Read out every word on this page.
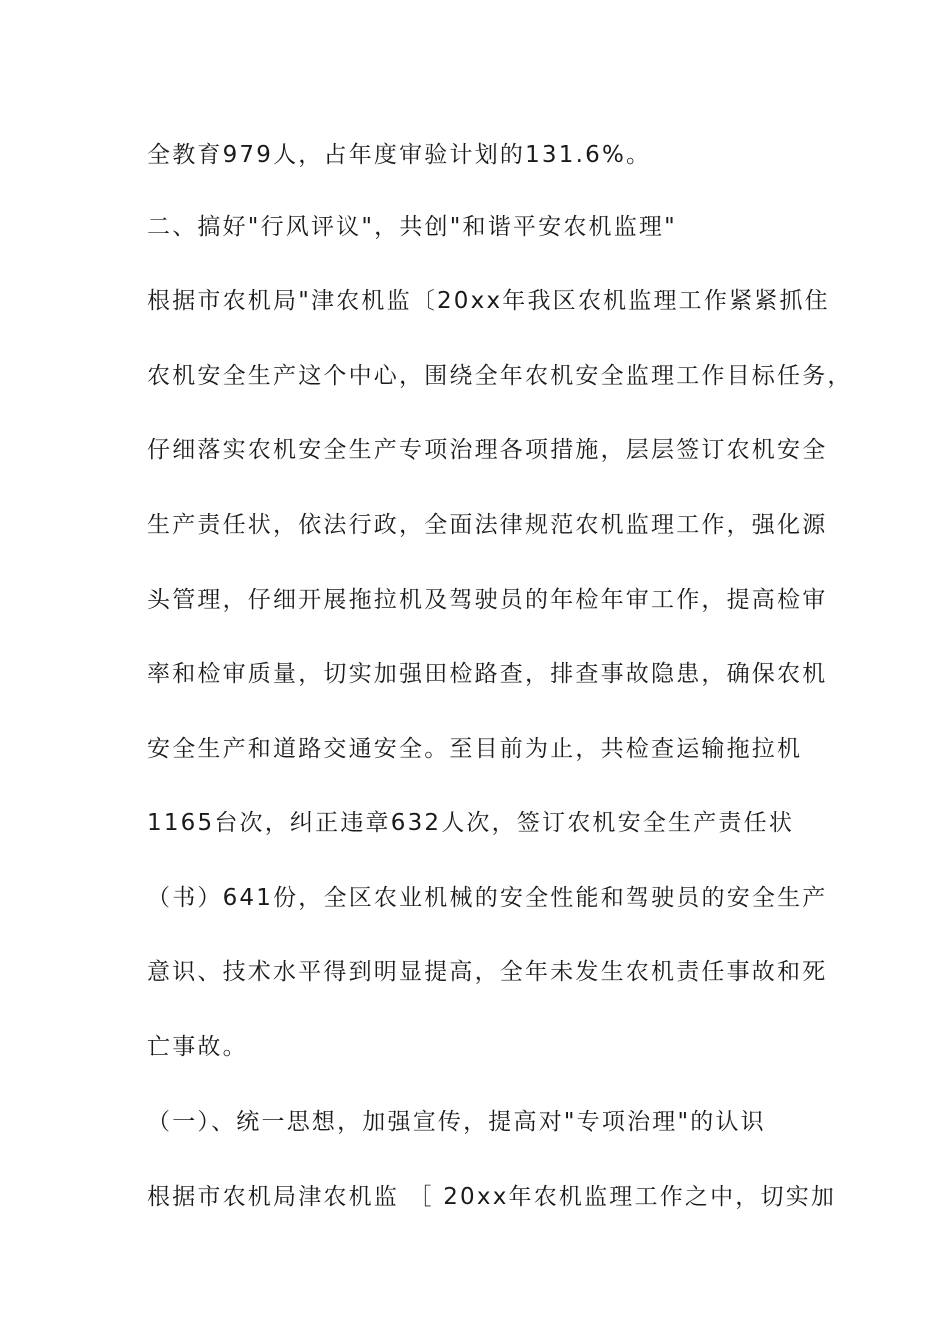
全教育979人，占年度审验计划的131.6%。
二、搞好"行风评议"，共创"和谐平安农机监理"
根据市农机局"津农机监〔20xx年我区农机监理工作紧紧抓住
农机安全生产这个中心，围绕全年农机安全监理工作目标任务，
仔细落实农机安全生产专项治理各项措施，层层签订农机安全
生产责任状，依法行政，全面法律规范农机监理工作，强化源
头管理，仔细开展拖拉机及驾驶员的年检年审工作，提高检审
率和检审质量，切实加强田检路查，排查事故隐患，确保农机
安全生产和道路交通安全。至目前为止，共检查运输拖拉机
1165台次，纠正违章632人次，签订农机安全生产责任状
（书）641份，全区农业机械的安全性能和驾驶员的安全生产
意识、技术水平得到明显提高，全年未发生农机责任事故和死
亡事故。
（一）、统一思想，加强宣传，提高对"专项治理"的认识
根据市农机局津农机监 ［ 20xx年农机监理工作之中，切实加
